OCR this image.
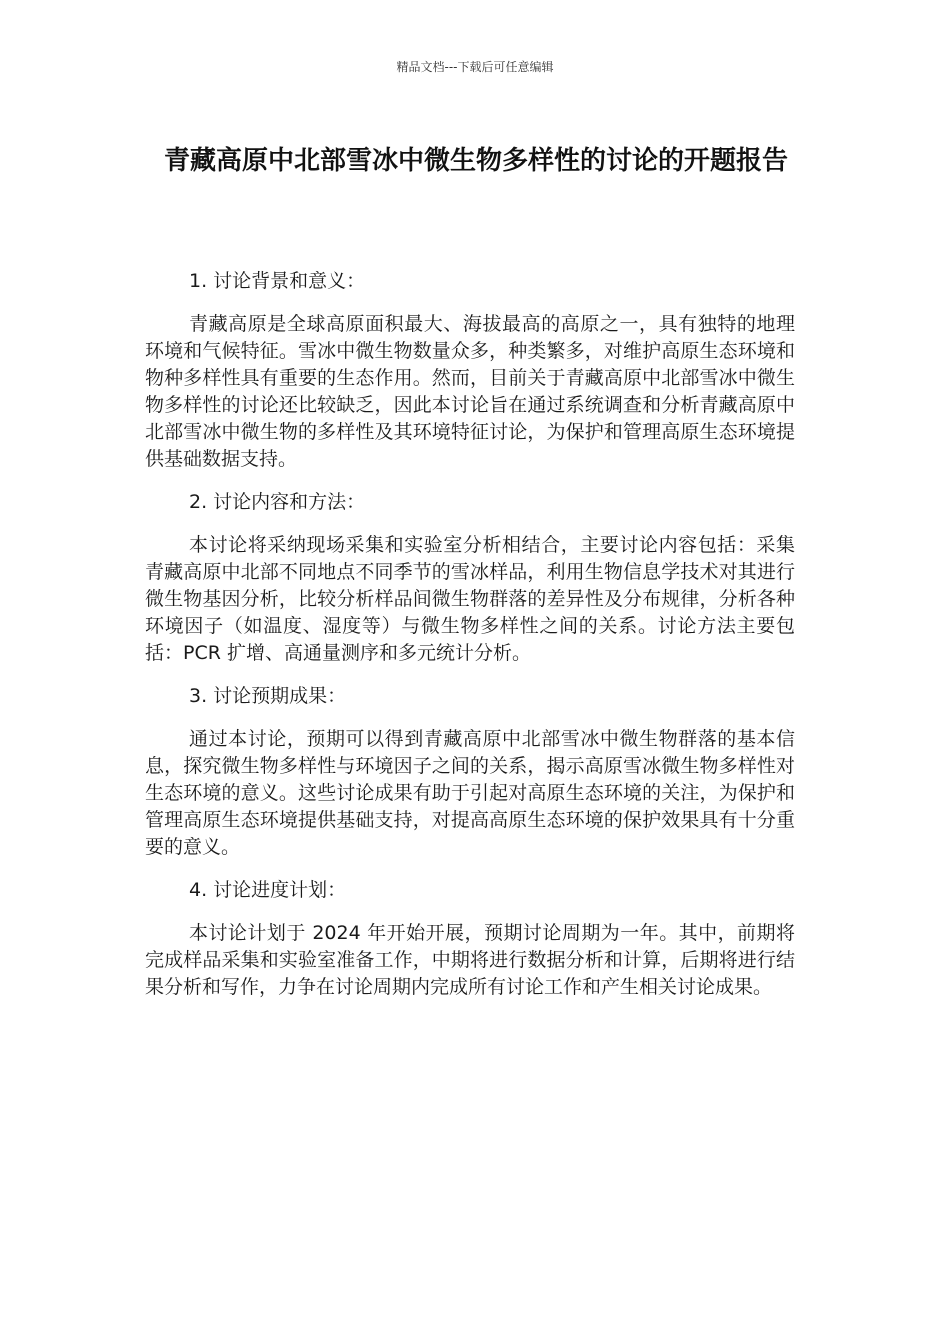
精品文档---下载后可任意编辑
青藏高原中北部雪冰中微生物多样性的讨论的开题报告

1. 讨论背景和意义：

青藏高原是全球高原面积最大、海拔最高的高原之一，具有独特的地理环境和气候特征。雪冰中微生物数量众多，种类繁多，对维护高原生态环境和物种多样性具有重要的生态作用。然而，目前关于青藏高原中北部雪冰中微生物多样性的讨论还比较缺乏，因此本讨论旨在通过系统调查和分析青藏高原中北部雪冰中微生物的多样性及其环境特征讨论，为保护和管理高原生态环境提供基础数据支持。

2. 讨论内容和方法：

本讨论将采纳现场采集和实验室分析相结合，主要讨论内容包括：采集青藏高原中北部不同地点不同季节的雪冰样品，利用生物信息学技术对其进行微生物基因分析，比较分析样品间微生物群落的差异性及分布规律，分析各种环境因子（如温度、湿度等）与微生物多样性之间的关系。讨论方法主要包括：PCR 扩增、高通量测序和多元统计分析。

3. 讨论预期成果：

通过本讨论，预期可以得到青藏高原中北部雪冰中微生物群落的基本信息，探究微生物多样性与环境因子之间的关系，揭示高原雪冰微生物多样性对生态环境的意义。这些讨论成果有助于引起对高原生态环境的关注，为保护和管理高原生态环境提供基础支持，对提高高原生态环境的保护效果具有十分重要的意义。

4. 讨论进度计划：

本讨论计划于 2024 年开始开展，预期讨论周期为一年。其中，前期将完成样品采集和实验室准备工作，中期将进行数据分析和计算，后期将进行结果分析和写作，力争在讨论周期内完成所有讨论工作和产生相关讨论成果。
